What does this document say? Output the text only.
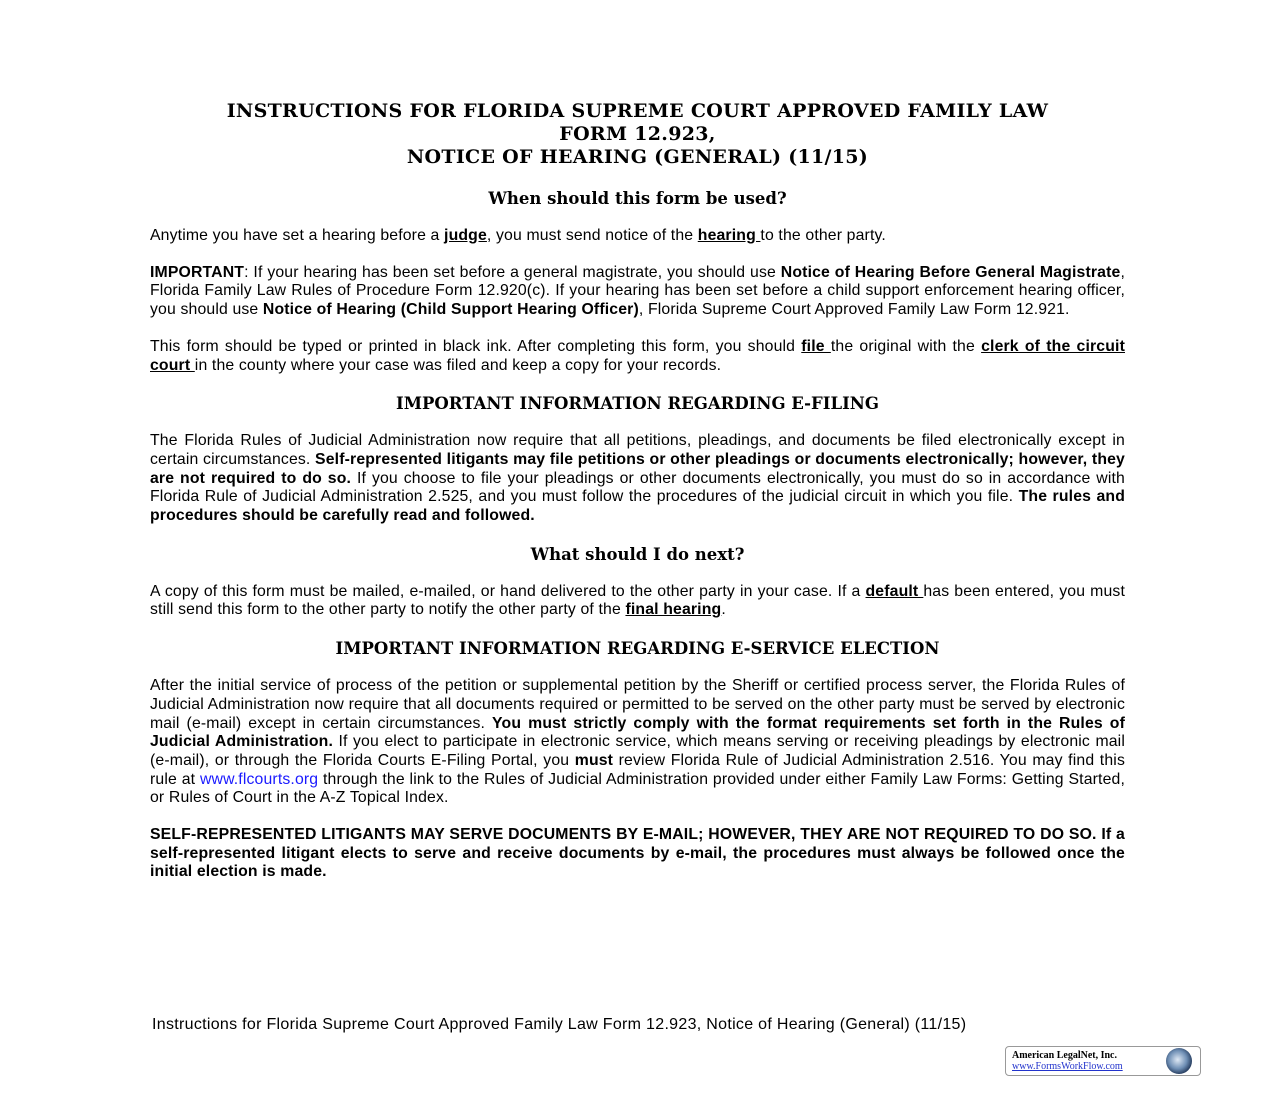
INSTRUCTIONS FOR FLORIDA SUPREME COURT APPROVED FAMILY LAW
FORM 12.923,
NOTICE OF HEARING (GENERAL) (11/15)
When should this form be used?
Anytime you have set a hearing before a judge, you must send notice of the hearing to the other party.
IMPORTANT: If your hearing has been set before a general magistrate, you should use Notice of Hearing Before General Magistrate, Florida Family Law Rules of Procedure Form 12.920(c). If your hearing has been set before a child support enforcement hearing officer, you should use Notice of Hearing (Child Support Hearing Officer), Florida Supreme Court Approved Family Law Form 12.921.
This form should be typed or printed in black ink. After completing this form, you should file the original with the clerk of the circuit court in the county where your case was filed and keep a copy for your records.
IMPORTANT INFORMATION REGARDING E-FILING
The Florida Rules of Judicial Administration now require that all petitions, pleadings, and documents be filed electronically except in certain circumstances. Self-represented litigants may file petitions or other pleadings or documents electronically; however, they are not required to do so. If you choose to file your pleadings or other documents electronically, you must do so in accordance with Florida Rule of Judicial Administration 2.525, and you must follow the procedures of the judicial circuit in which you file. The rules and procedures should be carefully read and followed.
What should I do next?
A copy of this form must be mailed, e-mailed, or hand delivered to the other party in your case. If a default has been entered, you must still send this form to the other party to notify the other party of the final hearing.
IMPORTANT INFORMATION REGARDING E-SERVICE ELECTION
After the initial service of process of the petition or supplemental petition by the Sheriff or certified process server, the Florida Rules of Judicial Administration now require that all documents required or permitted to be served on the other party must be served by electronic mail (e-mail) except in certain circumstances. You must strictly comply with the format requirements set forth in the Rules of Judicial Administration. If you elect to participate in electronic service, which means serving or receiving pleadings by electronic mail (e-mail), or through the Florida Courts E-Filing Portal, you must review Florida Rule of Judicial Administration 2.516. You may find this rule at www.flcourts.org through the link to the Rules of Judicial Administration provided under either Family Law Forms: Getting Started, or Rules of Court in the A-Z Topical Index.
SELF-REPRESENTED LITIGANTS MAY SERVE DOCUMENTS BY E-MAIL; HOWEVER, THEY ARE NOT REQUIRED TO DO SO. If a self-represented litigant elects to serve and receive documents by e-mail, the procedures must always be followed once the initial election is made.
Instructions for Florida Supreme Court Approved Family Law Form 12.923, Notice of Hearing (General) (11/15)
American LegalNet, Inc.
www.FormsWorkFlow.com
